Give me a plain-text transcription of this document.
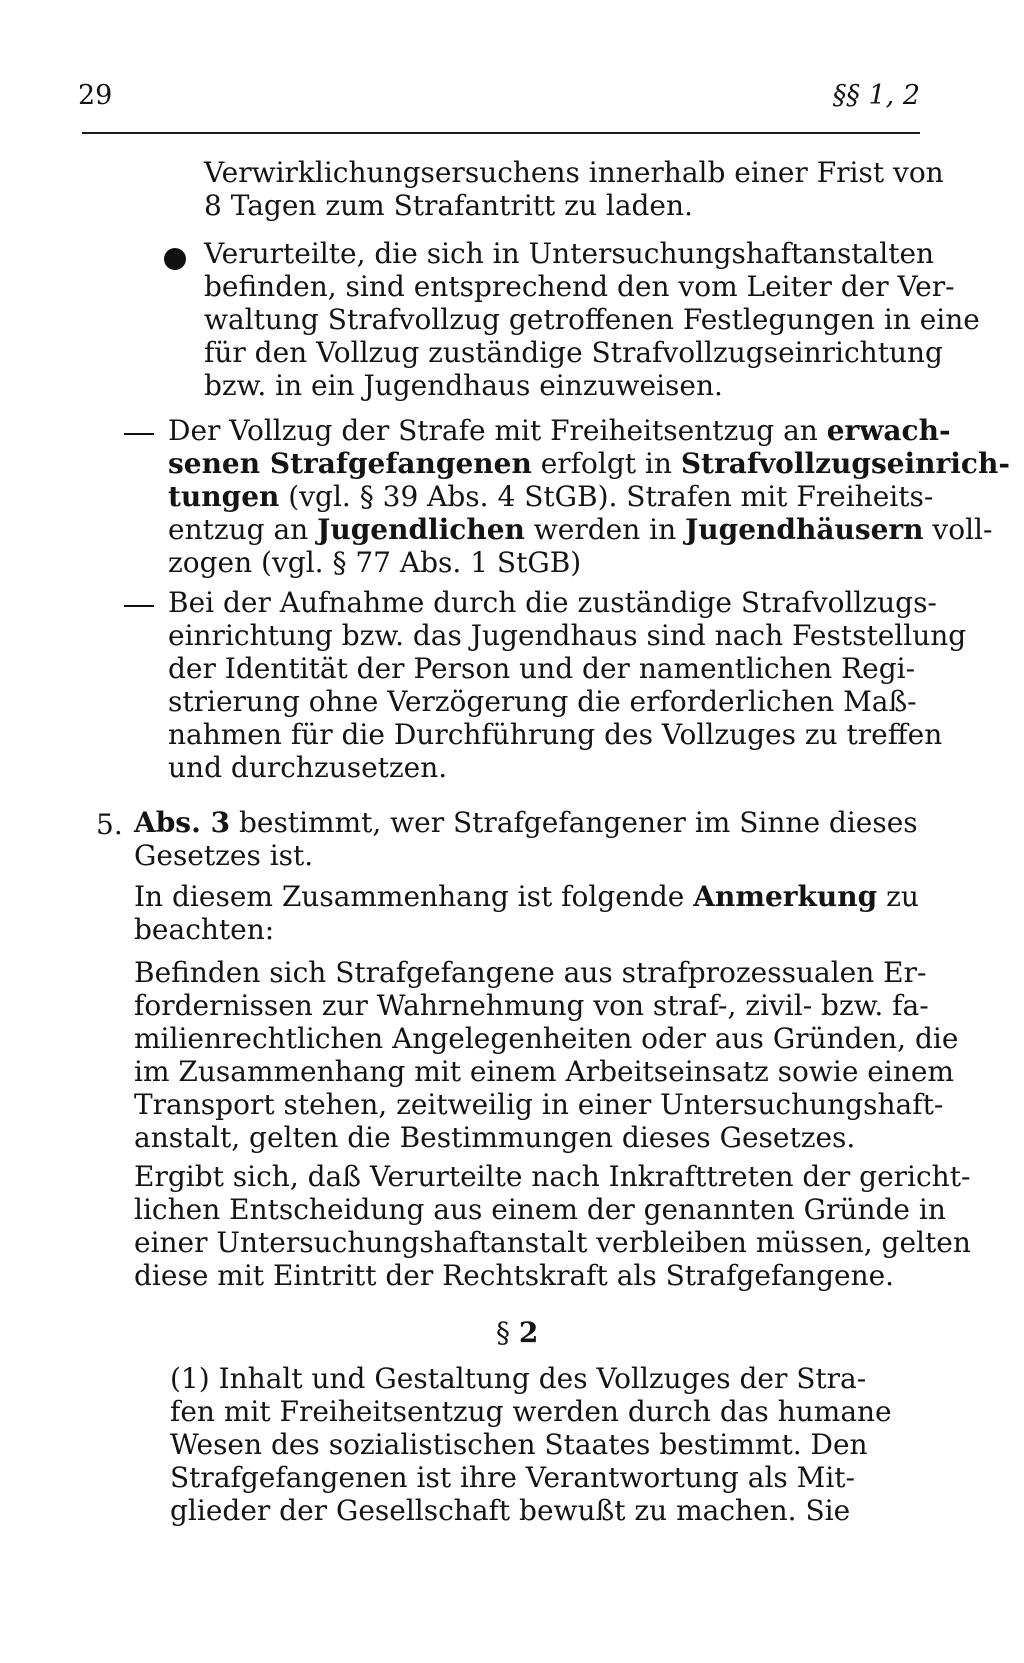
29	§§ 1, 2
Verwirklichungsersuchens innerhalb einer Frist von
8 Tagen zum Strafantritt zu laden.
Verurteilte, die sich in Untersuchungshaftanstalten
befinden, sind entsprechend den vom Leiter der Ver-
waltung Strafvollzug getroffenen Festlegungen in eine
für den Vollzug zuständige Strafvollzugseinrichtung
bzw. in ein Jugendhaus einzuweisen.
Der Vollzug der Strafe mit Freiheitsentzug an erwach-
senen Strafgefangenen erfolgt in Strafvollzugseinrich-
tungen (vgl. § 39 Abs. 4 StGB). Strafen mit Freiheits-
entzug an Jugendlichen werden in Jugendhäusern voll-
zogen (vgl. § 77 Abs. 1 StGB)
Bei der Aufnahme durch die zuständige Strafvollzugs-
einrichtung bzw. das Jugendhaus sind nach Feststellung
der Identität der Person und der namentlichen Regi-
strierung ohne Verzögerung die erforderlichen Maß-
nahmen für die Durchführung des Vollzuges zu treffen
und durchzusetzen.
5. Abs. 3 bestimmt, wer Strafgefangener im Sinne dieses
Gesetzes ist.
In diesem Zusammenhang ist folgende Anmerkung zu
beachten:
Befinden sich Strafgefangene aus strafprozessualen Er-
fordernissen zur Wahrnehmung von straf-, zivil- bzw. fa-
milienrechtlichen Angelegenheiten oder aus Gründen, die
im Zusammenhang mit einem Arbeitseinsatz sowie einem
Transport stehen, zeitweilig in einer Untersuchungshaft-
anstalt, gelten die Bestimmungen dieses Gesetzes.
Ergibt sich, daß Verurteilte nach Inkrafttreten der gericht-
lichen Entscheidung aus einem der genannten Gründe in
einer Untersuchungshaftanstalt verbleiben müssen, gelten
diese mit Eintritt der Rechtskraft als Strafgefangene.
§ 2
(1) Inhalt und Gestaltung des Vollzuges der Stra-
fen mit Freiheitsentzug werden durch das humane
Wesen des sozialistischen Staates bestimmt. Den
Strafgefangenen ist ihre Verantwortung als Mit-
glieder der Gesellschaft bewußt zu machen. Sie
